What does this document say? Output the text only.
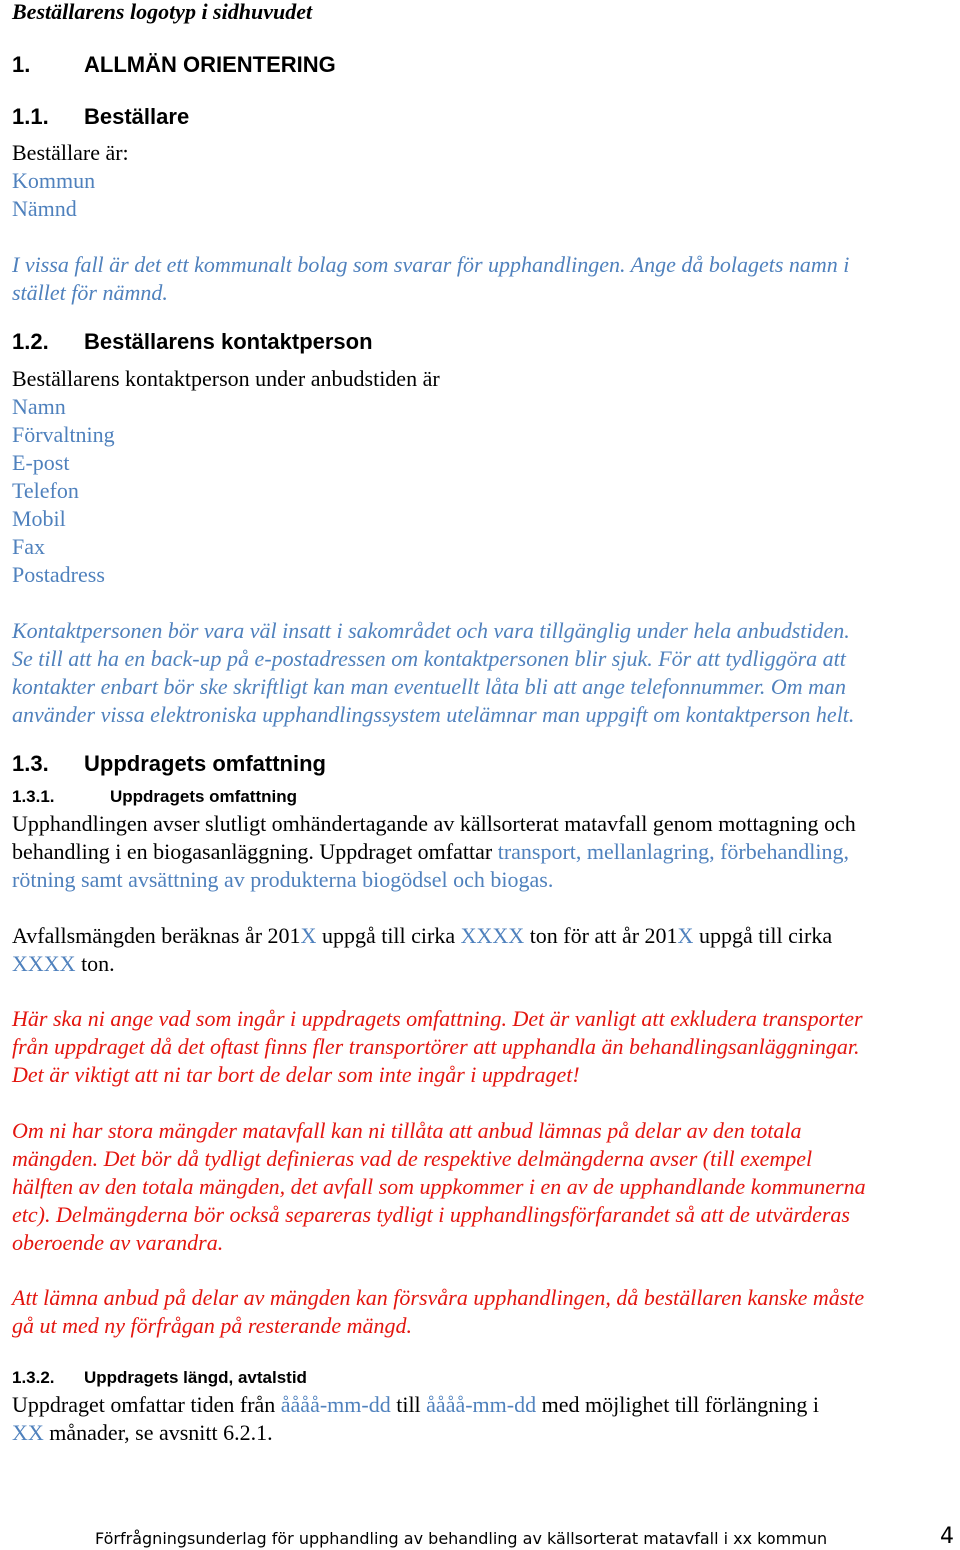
Beställarens logotyp i sidhuvudet
1. ALLMÄN ORIENTERING
1.1. Beställare
Beställare är:
Kommun
Nämnd
I vissa fall är det ett kommunalt bolag som svarar för upphandlingen. Ange då bolagets namn i
stället för nämnd.
1.2. Beställarens kontaktperson
Beställarens kontaktperson under anbudstiden är
Namn
Förvaltning
E-post
Telefon
Mobil
Fax
Postadress
Kontaktpersonen bör vara väl insatt i sakområdet och vara tillgänglig under hela anbudstiden.
Se till att ha en back-up på e-postadressen om kontaktpersonen blir sjuk. För att tydliggöra att
kontakter enbart bör ske skriftligt kan man eventuellt låta bli att ange telefonnummer. Om man
använder vissa elektroniska upphandlingssystem utelämnar man uppgift om kontaktperson helt.
1.3. Uppdragets omfattning
1.3.1.	Uppdragets omfattning
Upphandlingen avser slutligt omhändertagande av källsorterat matavfall genom mottagning och
behandling i en biogasanläggning. Uppdraget omfattar transport, mellanlagring, förbehandling,
rötning samt avsättning av produkterna biogödsel och biogas.
Avfallsmängden beräknas år 201X uppgå till cirka XXXX ton för att år 201X uppgå till cirka
XXXX ton.
Här ska ni ange vad som ingår i uppdragets omfattning. Det är vanligt att exkludera transporter
från uppdraget då det oftast finns fler transportörer att upphandla än behandlingsanläggningar.
Det är viktigt att ni tar bort de delar som inte ingår i uppdraget!
Om ni har stora mängder matavfall kan ni tillåta att anbud lämnas på delar av den totala
mängden. Det bör då tydligt definieras vad de respektive delmängderna avser (till exempel
hälften av den totala mängden, det avfall som uppkommer i en av de upphandlande kommunerna
etc). Delmängderna bör också separeras tydligt i upphandlingsförfarandet så att de utvärderas
oberoende av varandra.
Att lämna anbud på delar av mängden kan försvåra upphandlingen, då beställaren kanske måste
gå ut med ny förfrågan på resterande mängd.
1.3.2. Uppdragets längd, avtalstid
Uppdraget omfattar tiden från åååå-mm-dd till åååå-mm-dd med möjlighet till förlängning i
XX månader, se avsnitt 6.2.1.
Förfrågningsunderlag för upphandling av behandling av källsorterat matavfall i xx kommun	4
